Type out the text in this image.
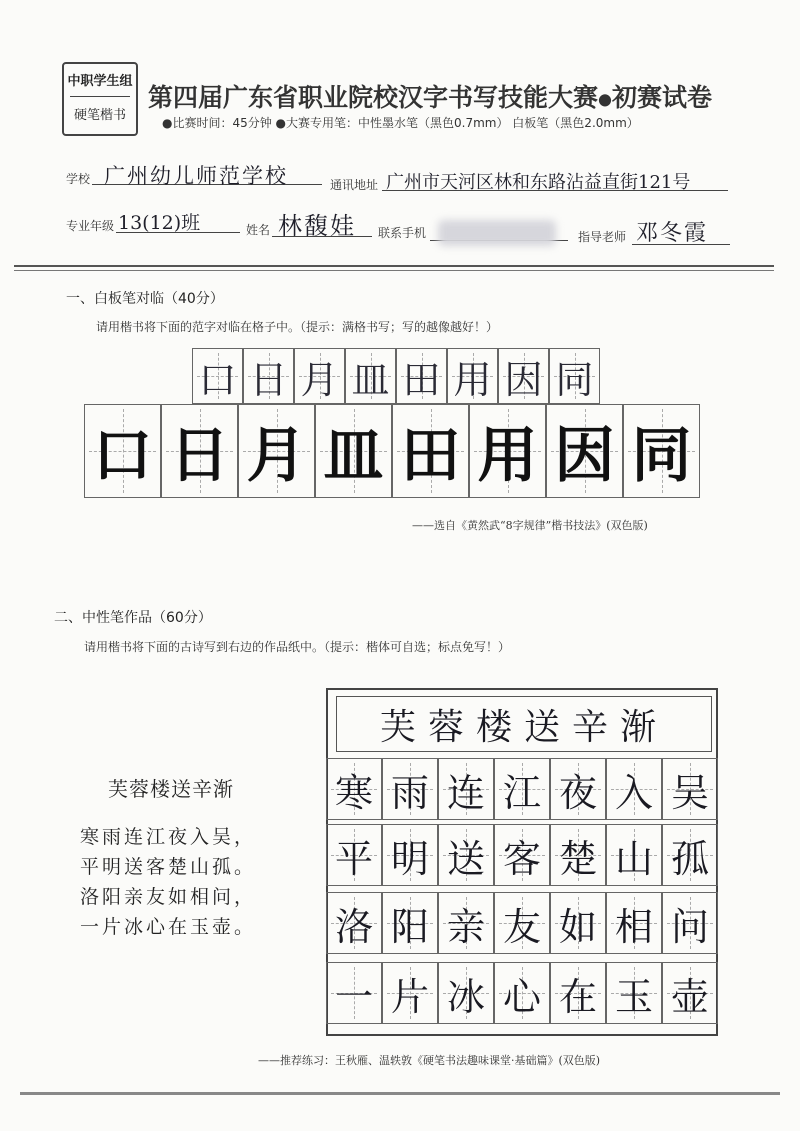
中职学生组
硬笔楷书
第四届广东省职业院校汉字书写技能大赛●初赛试卷
●比赛时间：45分钟 ●大赛专用笔：中性墨水笔（黑色0.7mm） 白板笔（黑色2.0mm）
学校 广州幼儿师范学校	通讯地址 广州市天河区林和东路沾益直街121号
专业年级 13(12)班	姓名 林馥娃 联系手机	指导老师 邓冬霞
一、白板笔对临（40分）
请用楷书将下面的范字对临在格子中。（提示：满格书写；写的越像越好！）
口 日 月 皿 田 用 因 同
口 日 月 皿 田 用 因 同
——选自《黄然武“8字规律”楷书技法》(双色版)
二、中性笔作品（60分）
请用楷书将下面的古诗写到右边的作品纸中。（提示：楷体可自选；标点免写！）
芙蓉楼送辛渐
寒雨连江夜入吴，
平明送客楚山孤。
洛阳亲友如相问，
一片冰心在玉壶。
芙蓉楼送辛渐
寒 雨 连 江 夜 入 吴
平 明 送 客 楚 山 孤
洛 阳 亲 友 如 相 问
一 片 冰 心 在 玉 壶
——推荐练习：王秋雁、温轶敦《硬笔书法趣味课堂·基础篇》(双色版)
